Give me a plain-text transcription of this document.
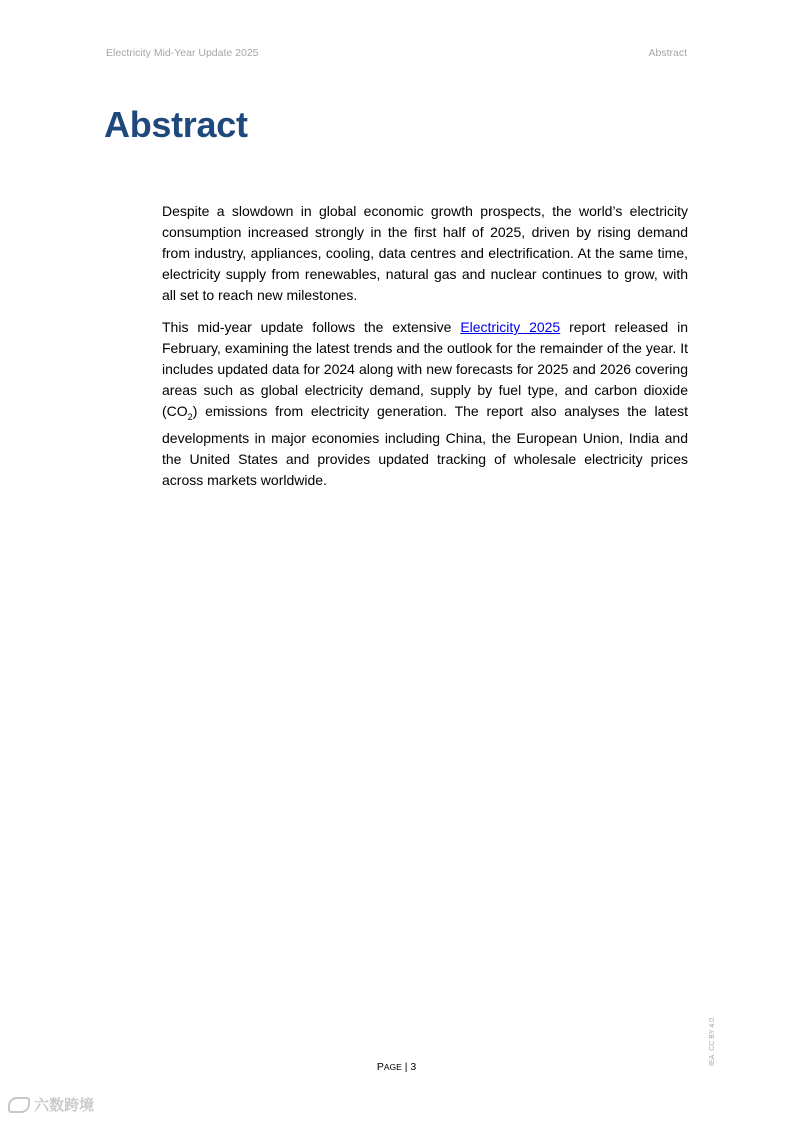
Electricity Mid-Year Update 2025	Abstract
Abstract

Despite a slowdown in global economic growth prospects, the world’s electricity consumption increased strongly in the first half of 2025, driven by rising demand from industry, appliances, cooling, data centres and electrification. At the same time, electricity supply from renewables, natural gas and nuclear continues to grow, with all set to reach new milestones.

This mid-year update follows the extensive Electricity 2025 report released in February, examining the latest trends and the outlook for the remainder of the year. It includes updated data for 2024 along with new forecasts for 2025 and 2026 covering areas such as global electricity demand, supply by fuel type, and carbon dioxide $(CO_2)$ emissions from electricity generation. The report also analyses the latest developments in major economies including China, the European Union, India and the United States and provides updated tracking of wholesale electricity prices across markets worldwide.

PAGE | 3
IEA. CC BY 4.0.
六数跨境
